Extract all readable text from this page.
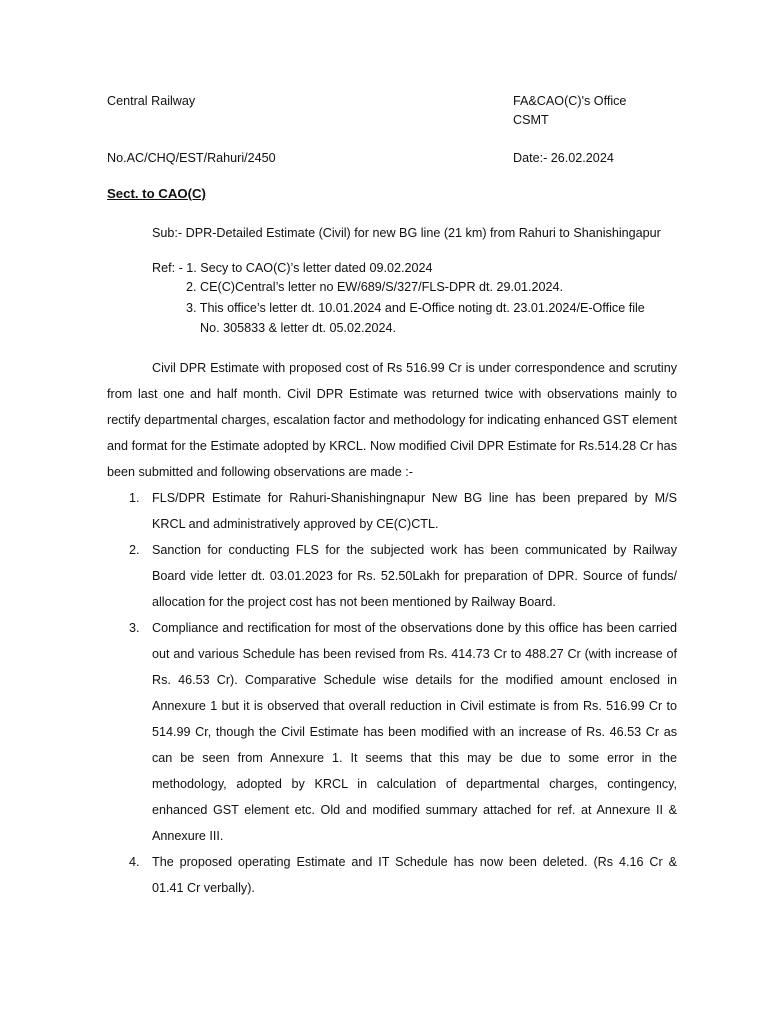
Central Railway	FA&CAO(C)'s Office
CSMT
No.AC/CHQ/EST/Rahuri/2450	Date:- 26.02.2024
Sect. to CAO(C)
Sub:- DPR-Detailed Estimate (Civil) for new BG line (21 km) from Rahuri to Shanishingapur
Ref: - 1. Secy to CAO(C)’s letter dated 09.02.2024
2. CE(C)Central’s letter no EW/689/S/327/FLS-DPR dt. 29.01.2024.
3. This office’s letter dt. 10.01.2024 and E-Office noting dt. 23.01.2024/E-Office file
No. 305833 & letter dt. 05.02.2024.
Civil DPR Estimate with proposed cost of Rs 516.99 Cr is under correspondence and scrutiny from last one and half month. Civil DPR Estimate was returned twice with observations mainly to rectify departmental charges, escalation factor and methodology for indicating enhanced GST element and format for the Estimate adopted by KRCL. Now modified Civil DPR Estimate for Rs.514.28 Cr has been submitted and following observations are made :-
1. FLS/DPR Estimate for Rahuri-Shanishingnapur New BG line has been prepared by M/S KRCL and administratively approved by CE(C)CTL.
2. Sanction for conducting FLS for the subjected work has been communicated by Railway Board vide letter dt. 03.01.2023 for Rs. 52.50Lakh for preparation of DPR. Source of funds/ allocation for the project cost has not been mentioned by Railway Board.
3. Compliance and rectification for most of the observations done by this office has been carried out and various Schedule has been revised from Rs. 414.73 Cr to 488.27 Cr (with increase of Rs. 46.53 Cr). Comparative Schedule wise details for the modified amount enclosed in Annexure 1 but it is observed that overall reduction in Civil estimate is from Rs. 516.99 Cr to 514.99 Cr, though the Civil Estimate has been modified with an increase of Rs. 46.53 Cr as can be seen from Annexure 1. It seems that this may be due to some error in the methodology, adopted by KRCL in calculation of departmental charges, contingency, enhanced GST element etc. Old and modified summary attached for ref. at Annexure II & Annexure III.
4. The proposed operating Estimate and IT Schedule has now been deleted. (Rs 4.16 Cr & 01.41 Cr verbally).
